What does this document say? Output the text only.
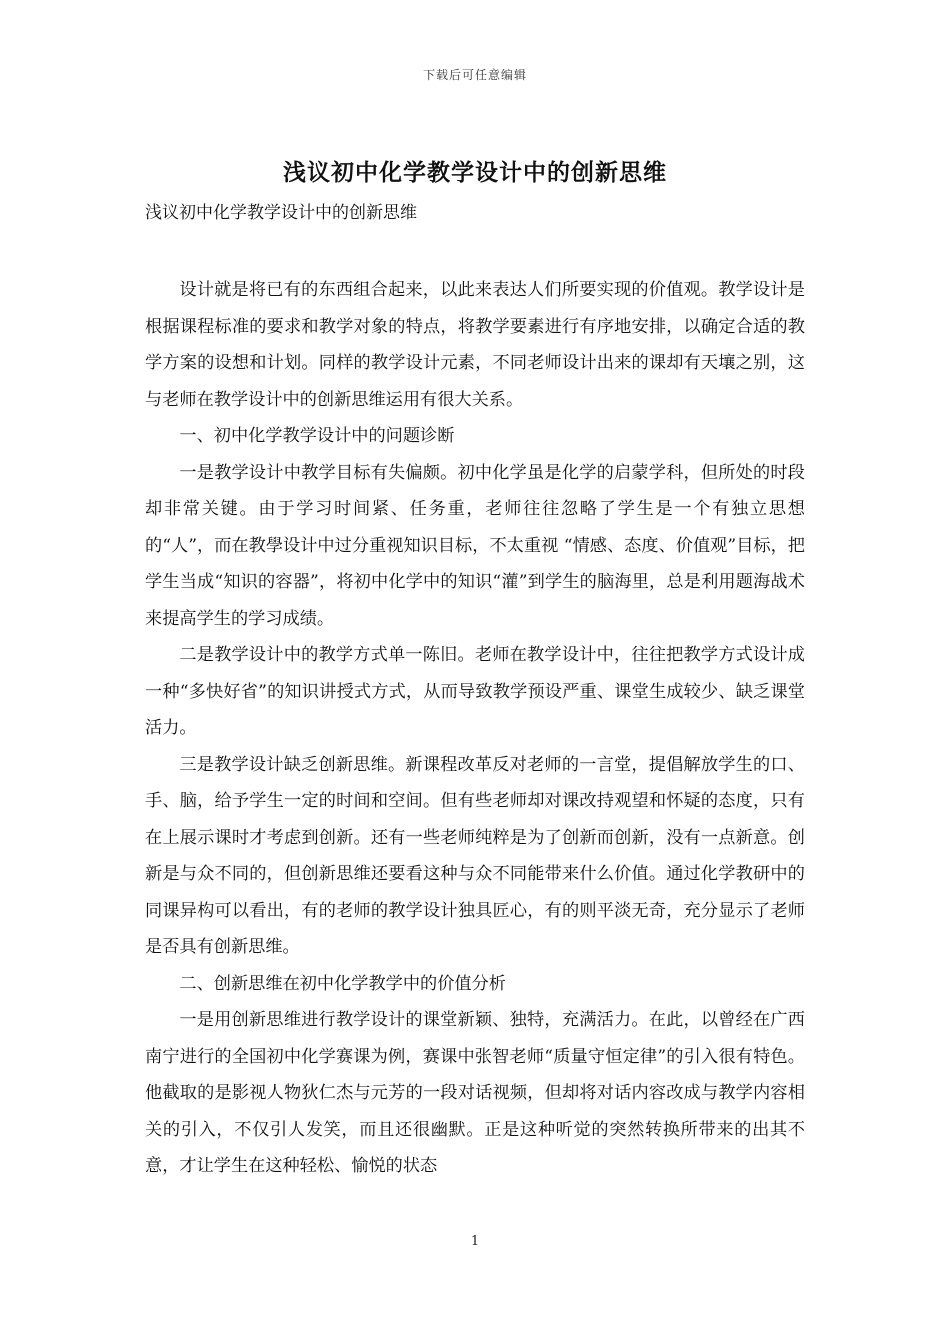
下载后可任意编辑
浅议初中化学教学设计中的创新思维
浅议初中化学教学设计中的创新思维

设计就是将已有的东西组合起来，以此来表达人们所要实现的价值观。教学设计是根据课程标准的要求和教学对象的特点，将教学要素进行有序地安排，以确定合适的教学方案的设想和计划。同样的教学设计元素，不同老师设计出来的课却有天壤之别，这与老师在教学设计中的创新思维运用有很大关系。

一、初中化学教学设计中的问题诊断

一是教学设计中教学目标有失偏颇。初中化学虽是化学的启蒙学科，但所处的时段却非常关键。由于学习时间紧、任务重，老师往往忽略了学生是一个有独立思想的“人”，而在教學设计中过分重视知识目标，不太重视 “情感、态度、价值观”目标，把学生当成“知识的容器”，将初中化学中的知识“灌”到学生的脑海里，总是利用题海战术来提高学生的学习成绩。

二是教学设计中的教学方式单一陈旧。老师在教学设计中，往往把教学方式设计成一种“多快好省”的知识讲授式方式，从而导致教学预设严重、课堂生成较少、缺乏课堂活力。

三是教学设计缺乏创新思维。新课程改革反对老师的一言堂，提倡解放学生的口、手、脑，给予学生一定的时间和空间。但有些老师却对课改持观望和怀疑的态度，只有在上展示课时才考虑到创新。还有一些老师纯粹是为了创新而创新，没有一点新意。创新是与众不同的，但创新思维还要看这种与众不同能带来什么价值。通过化学教研中的同课异构可以看出，有的老师的教学设计独具匠心，有的则平淡无奇，充分显示了老师是否具有创新思维。

二、创新思维在初中化学教学中的价值分析

一是用创新思维进行教学设计的课堂新颖、独特，充满活力。在此，以曾经在广西南宁进行的全国初中化学赛课为例，赛课中张智老师“质量守恒定律”的引入很有特色。他截取的是影视人物狄仁杰与元芳的一段对话视频，但却将对话内容改成与教学内容相关的引入，不仅引人发笑，而且还很幽默。正是这种听觉的突然转换所带来的出其不意，才让学生在这种轻松、愉悦的状态

1
